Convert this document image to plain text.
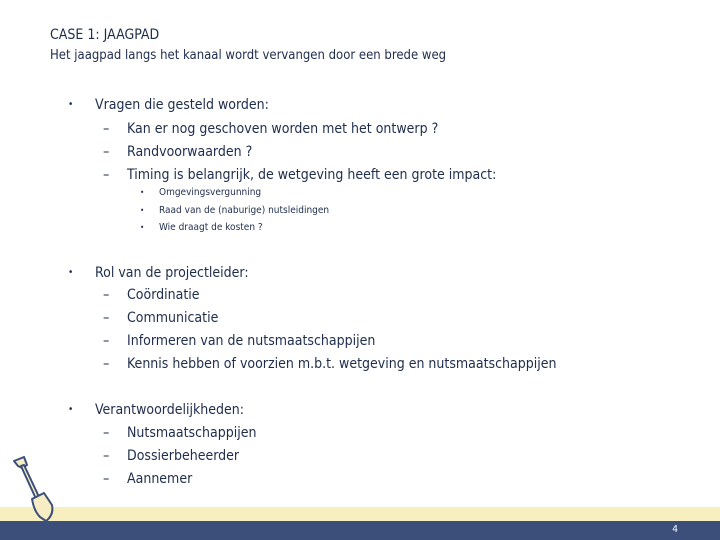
CASE 1: JAAGPAD
Het jaagpad langs het kanaal wordt vervangen door een brede weg
• Vragen die gesteld worden:
– Kan er nog geschoven worden met het ontwerp ?
– Randvoorwaarden ?
– Timing is belangrijk, de wetgeving heeft een grote impact:
• Omgevingsvergunning
• Raad van de (naburige) nutsleidingen
• Wie draagt de kosten ?
• Rol van de projectleider:
– Coördinatie
– Communicatie
– Informeren van de nutsmaatschappijen
– Kennis hebben of voorzien m.b.t. wetgeving en nutsmaatschappijen
• Verantwoordelijkheden:
– Nutsmaatschappijen
– Dossierbeheerder
– Aannemer
4
